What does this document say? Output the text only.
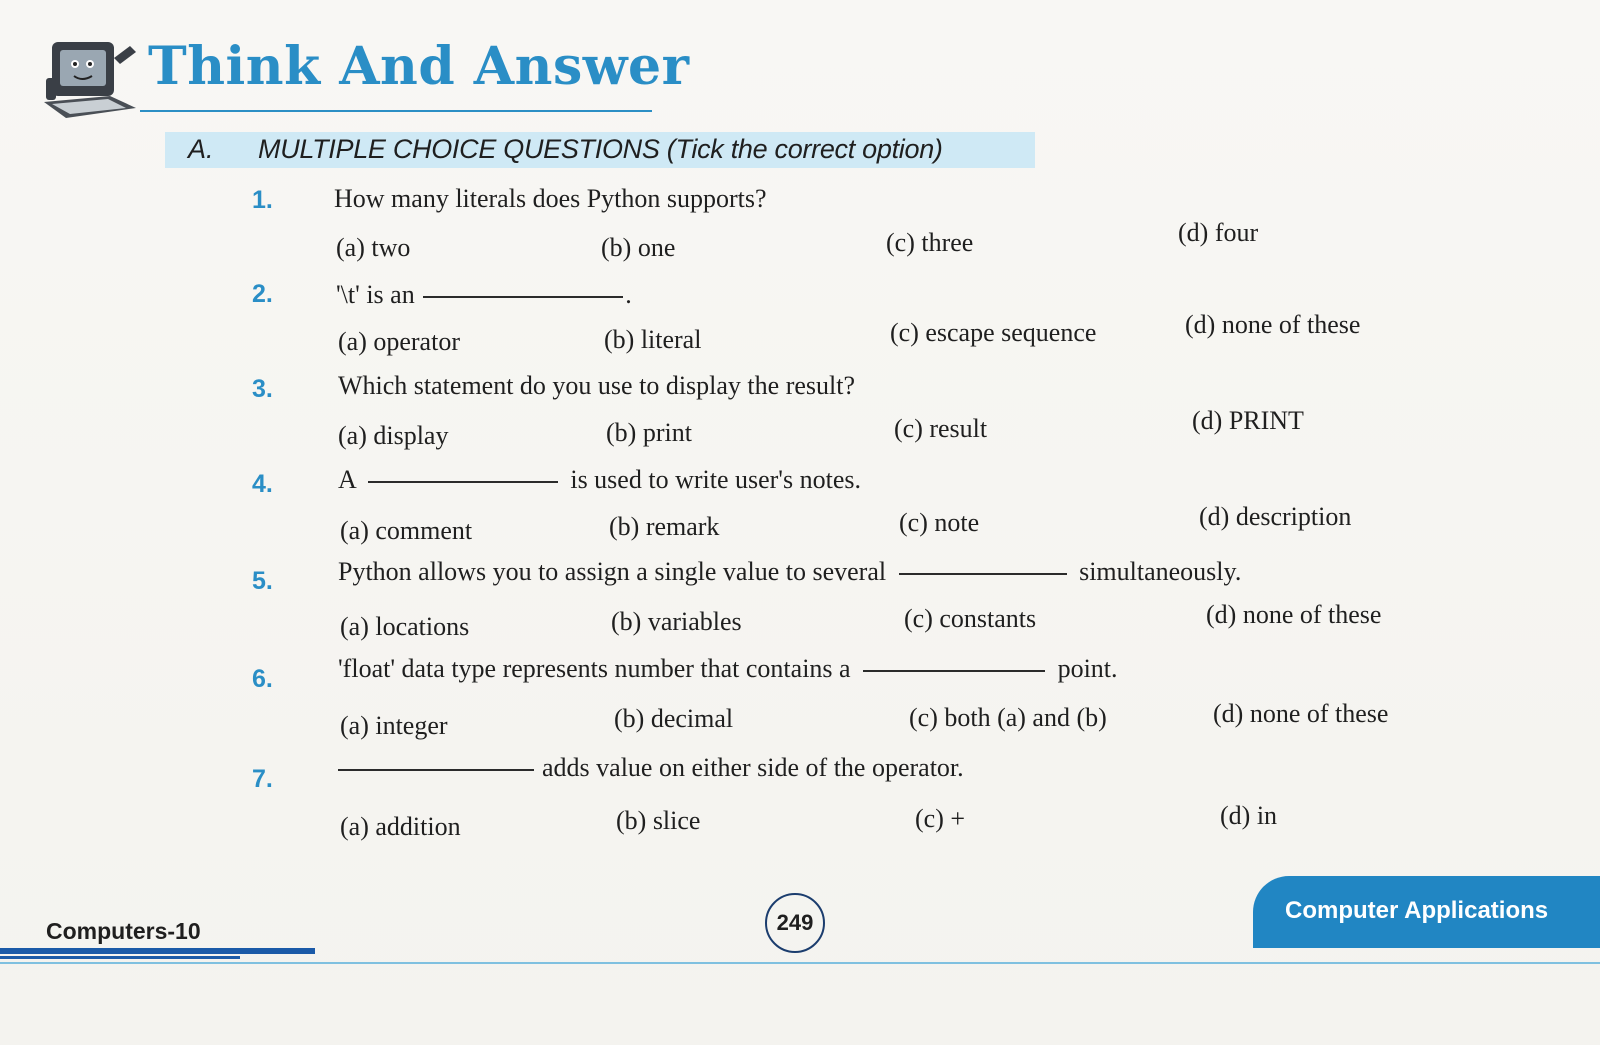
Think And Answer
A. MULTIPLE CHOICE QUESTIONS (Tick the correct option)
1. How many literals does Python supports?
(a) two	(b) one	(c) three	(d) four
2. '\t' is an	.
(a) operator	(b) literal	(c) escape sequence	(d) none of these
3.	Which statement do you use to display the result?
(a) display	(b) print	(c) result	(d) PRINT
4.	A	is used to write user's notes.
(a) comment	(b) remark	(c) note	(d) description
5.	Python allows you to assign a single value to several	simultaneously.
(a) locations	(b) variables	(c) constants	(d) none of these
6.	'float' data type represents number that contains a	point.
(a) integer	(b) decimal	(c) both (a) and (b)	(d) none of these
7.	adds value on either side of the operator.
(a) addition	(b) slice	(c) +	(d) in
Computers-10	249	Computer Applications
